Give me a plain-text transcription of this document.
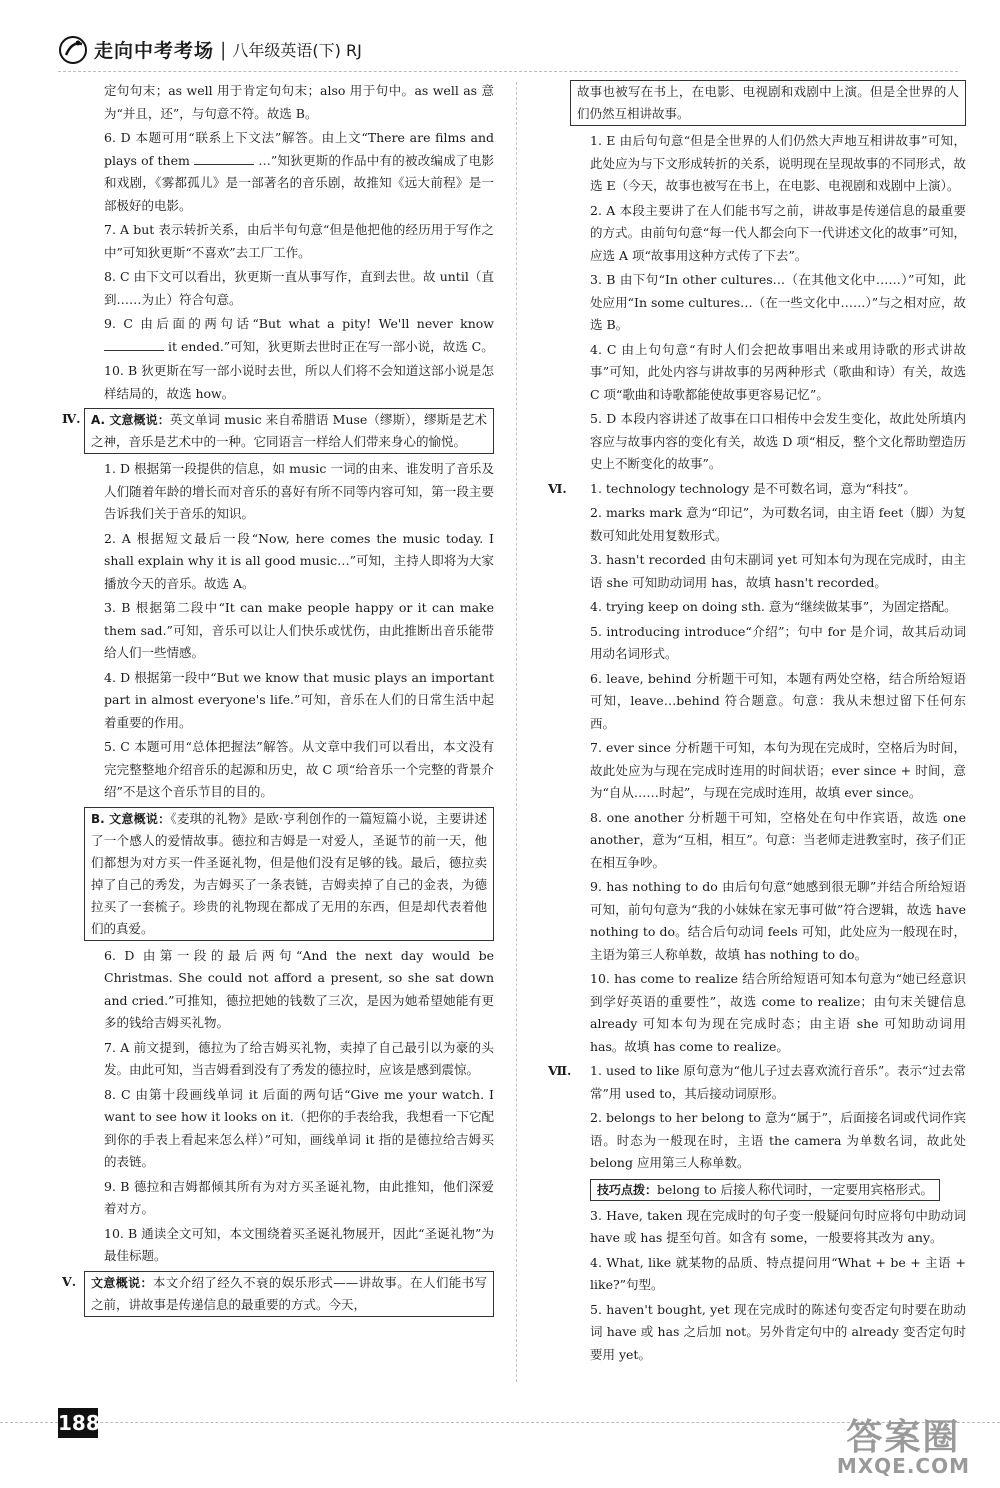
走向中考考场 | 八年级英语(下) RJ
定句句末；as well 用于肯定句句末；also 用于句中。as well as 意为“并且，还”，与句意不符。故选 B。
6. D 本题可用“联系上下文法”解答。由上文“There are films and plays of them	…”知狄更斯的作品中有的被改编成了电影和戏剧，《雾都孤儿》是一部著名的音乐剧，故推知《远大前程》是一部极好的电影。
7. A but 表示转折关系，由后半句句意“但是他把他的经历用于写作之中”可知狄更斯“不喜欢”去工厂工作。
8. C 由下文可以看出，狄更斯一直从事写作，直到去世。故 until（直到……为止）符合句意。
9. C 由后面的两句话“But what a pity! We'll never know  it ended.”可知，狄更斯去世时正在写一部小说，故选 C。
10. B 狄更斯在写一部小说时去世，所以人们将不会知道这部小说是怎样结局的，故选 how。
Ⅳ. A. 文意概说：英文单词 music 来自希腊语 Muse（缪斯），缪斯是艺术之神，音乐是艺术中的一种。它同语言一样给人们带来身心的愉悦。
1. D 根据第一段提供的信息，如 music 一词的由来、谁发明了音乐及人们随着年龄的增长而对音乐的喜好有所不同等内容可知，第一段主要告诉我们关于音乐的知识。
2. A 根据短文最后一段“Now, here comes the music today. I shall explain why it is all good music…”可知，主持人即将为大家播放今天的音乐。故选 A。
3. B 根据第二段中“It can make people happy or it can make them sad.”可知，音乐可以让人们快乐或忧伤，由此推断出音乐能带给人们一些情感。
4. D 根据第一段中“But we know that music plays an important part in almost everyone's life.”可知，音乐在人们的日常生活中起着重要的作用。
5. C 本题可用“总体把握法”解答。从文章中我们可以看出，本文没有完完整整地介绍音乐的起源和历史，故 C 项“给音乐一个完整的背景介绍”不是这个音乐节目的目的。
B. 文意概说：《麦琪的礼物》是欧·亨利创作的一篇短篇小说，主要讲述了一个感人的爱情故事。德拉和吉姆是一对爱人，圣诞节的前一天，他们都想为对方买一件圣诞礼物，但是他们没有足够的钱。最后，德拉卖掉了自己的秀发，为吉姆买了一条表链，吉姆卖掉了自己的金表，为德拉买了一套梳子。珍贵的礼物现在都成了无用的东西，但是却代表着他们的真爱。
6. D 由第一段的最后两句“And the next day would be Christmas. She could not afford a present, so she sat down and cried.”可推知，德拉把她的钱数了三次，是因为她希望她能有更多的钱给吉姆买礼物。
7. A 前文提到，德拉为了给吉姆买礼物，卖掉了自己最引以为豪的头发。由此可知，当吉姆看到没有了秀发的德拉时，应该是感到震惊。
8. C 由第十段画线单词 it 后面的两句话“Give me your watch. I want to see how it looks on it.（把你的手表给我，我想看一下它配到你的手表上看起来怎么样）”可知，画线单词 it 指的是德拉给吉姆买的表链。
9. B 德拉和吉姆都倾其所有为对方买圣诞礼物，由此推知，他们深爱着对方。
10. B 通读全文可知，本文围绕着买圣诞礼物展开，因此“圣诞礼物”为最佳标题。
Ⅴ.	文意概说：本文介绍了经久不衰的娱乐形式——讲故事。在人们能书写之前，讲故事是传递信息的最重要的方式。今天，
故事也被写在书上，在电影、电视剧和戏剧中上演。但是全世界的人们仍然互相讲故事。
1. E 由后句句意“但是全世界的人们仍然大声地互相讲故事”可知，此处应为与下文形成转折的关系，说明现在呈现故事的不同形式，故选 E（今天，故事也被写在书上，在电影、电视剧和戏剧中上演）。
2. A 本段主要讲了在人们能书写之前，讲故事是传递信息的最重要的方式。由前句句意“每一代人都会向下一代讲述文化的故事”可知，应选 A 项“故事用这种方式传了下去”。
3. B 由下句“In other cultures…（在其他文化中……）”可知，此处应用“In some cultures…（在一些文化中……）”与之相对应，故选 B。
4. C 由上句句意“有时人们会把故事唱出来或用诗歌的形式讲故事”可知，此处内容与讲故事的另两种形式（歌曲和诗）有关，故选 C 项“歌曲和诗歌都能使故事更容易记忆”。
5. D 本段内容讲述了故事在口口相传中会发生变化，故此处所填内容应与故事内容的变化有关，故选 D 项“相反，整个文化帮助塑造历史上不断变化的故事”。
Ⅵ.	1. technology technology 是不可数名词，意为“科技”。
2. marks mark 意为“印记”，为可数名词，由主语 feet（脚）为复数可知此处用复数形式。
3. hasn't recorded 由句末副词 yet 可知本句为现在完成时，由主语 she 可知助动词用 has，故填 hasn't recorded。
4. trying keep on doing sth. 意为“继续做某事”，为固定搭配。
5. introducing introduce“介绍”；句中 for 是介词，故其后动词用动名词形式。
6. leave, behind 分析题干可知，本题有两处空格，结合所给短语可知，leave…behind 符合题意。句意：我从未想过留下任何东西。
7. ever since 分析题干可知，本句为现在完成时，空格后为时间，故此处应为与现在完成时连用的时间状语；ever since + 时间，意为“自从……时起”，与现在完成时连用，故填 ever since。
8. one another 分析题干可知，空格处在句中作宾语，故选 one another，意为“互相，相互”。句意：当老师走进教室时，孩子们正在相互争吵。
9. has nothing to do 由后句句意“她感到很无聊”并结合所给短语可知，前句句意为“我的小妹妹在家无事可做”符合逻辑，故选 have nothing to do。结合后句动词 feels 可知，此处应为一般现在时，主语为第三人称单数，故填 has nothing to do。
10. has come to realize 结合所给短语可知本句意为“她已经意识到学好英语的重要性”，故选 come to realize；由句末关键信息 already 可知本句为现在完成时态；由主语 she 可知助动词用 has。故填 has come to realize。
Ⅶ.	1. used to like 原句意为“他儿子过去喜欢流行音乐”。表示“过去常常”用 used to，其后接动词原形。
2. belongs to her belong to 意为“属于”，后面接名词或代词作宾语。时态为一般现在时，主语 the camera 为单数名词，故此处 belong 应用第三人称单数。
技巧点拨：belong to 后接人称代词时，一定要用宾格形式。
3. Have, taken 现在完成时的句子变一般疑问句时应将句中助动词 have 或 has 提至句首。如含有 some，一般要将其改为 any。
4. What, like 就某物的品质、特点提问用“What + be + 主语 + like?”句型。
5. haven't bought, yet 现在完成时的陈述句变否定句时要在助动词 have 或 has 之后加 not。另外肯定句中的 already 变否定句时要用 yet。
188	答案圈
MXQE.COM
